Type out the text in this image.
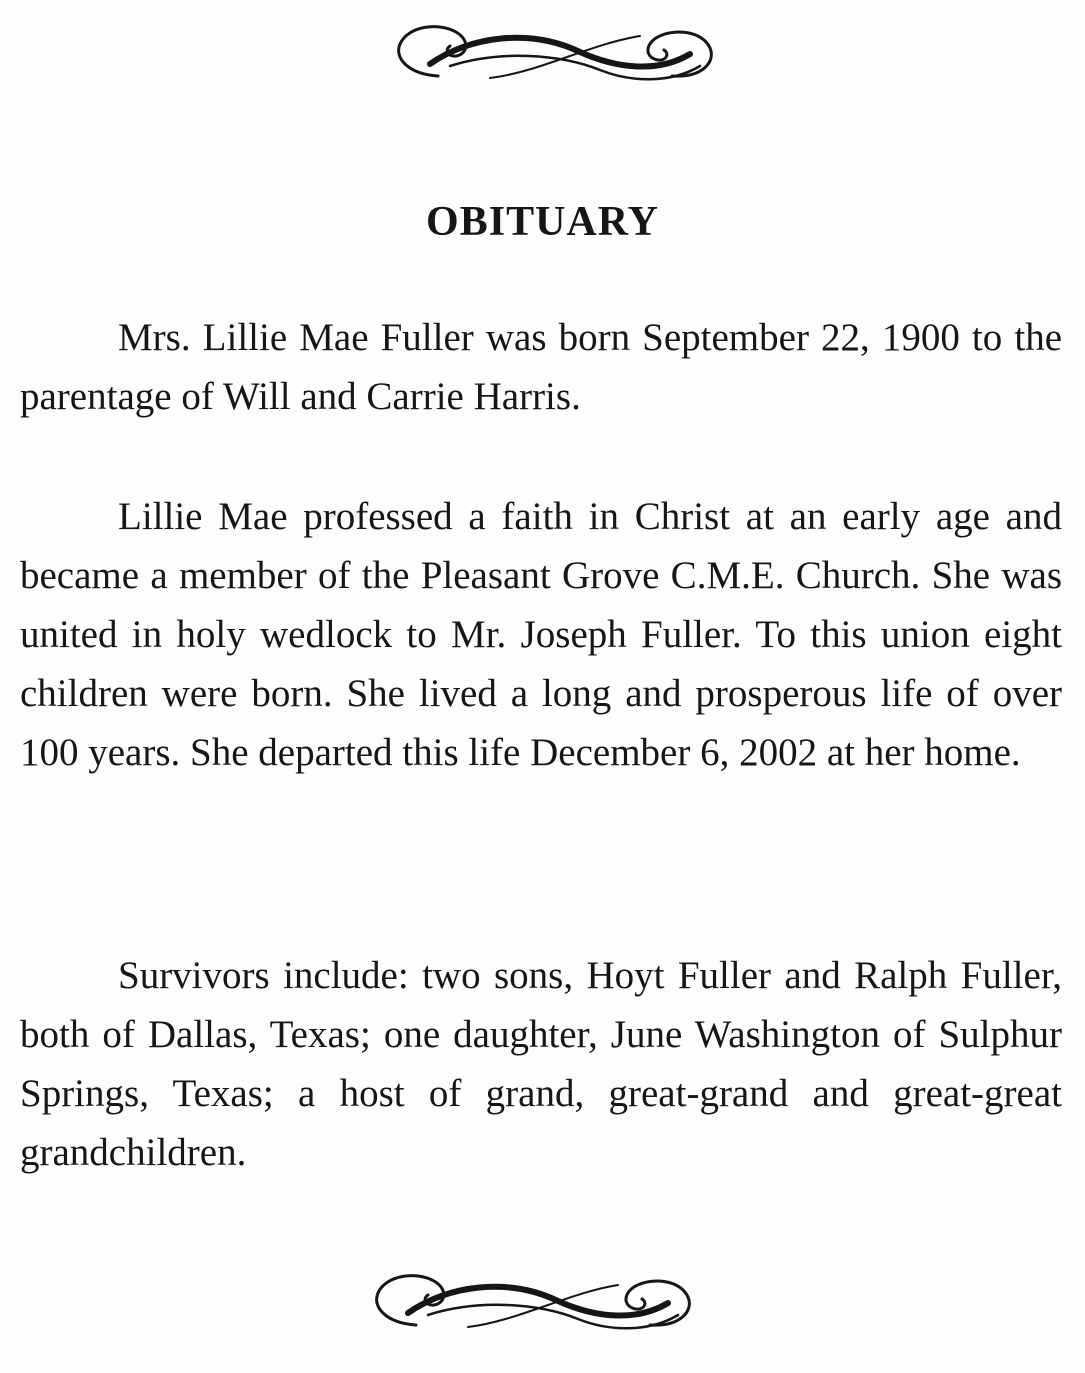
OBITUARY

Mrs. Lillie Mae Fuller was born September 22, 1900 to the parentage of Will and Carrie Harris.

Lillie Mae professed a faith in Christ at an early age and became a member of the Pleasant Grove C.M.E. Church. She was united in holy wedlock to Mr. Joseph Fuller. To this union eight children were born. She lived a long and prosperous life of over 100 years. She departed this life December 6, 2002 at her home.

Survivors include: two sons, Hoyt Fuller and Ralph Fuller, both of Dallas, Texas; one daughter, June Washington of Sulphur Springs, Texas; a host of grand, great-grand and great-great grandchildren.
